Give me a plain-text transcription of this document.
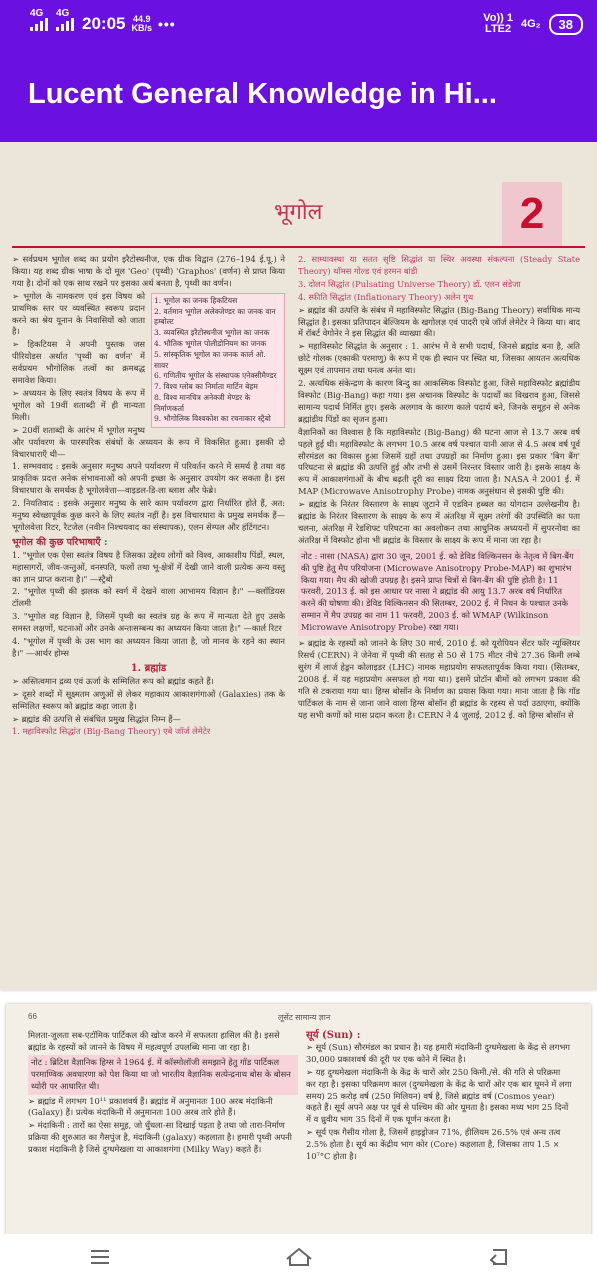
4G 4G
20:05 44.9
KB/s •••	Vo)) 1
LTE2 4G₂	38
Lucent General Knowledge in Hi...
भूगोल	2

➢ सर्वप्रथम भूगोल शब्द का प्रयोग इरैटोस्थनीज, एक ग्रीक विद्वान (276–194 ई.पू.) ने किया। यह शब्द ग्रीक भाषा के दो मूल 'Geo' (पृथ्वी) 'Graphos' (वर्णन) से प्राप्त किया गया है। दोनों को एक साथ रखने पर इसका अर्थ बनता है, पृथ्वी का वर्णन।

1. भूगोल का जनक हिकटियस
2. वर्तमान भूगोल अलेक्जेण्डर का जनक वान हम्बोल्ट
3. व्यवस्थित इरैटोस्थनीज भूगोल का जनक
4. भौतिक भूगोल पोलीडोनियम का जनक
5. सांस्कृतिक भूगोल का जनक कार्ल ओ. सावर
6. गणितीय भूगोल के संस्थापक एनेक्सीमैण्डर
7. विश्व ग्लोब का निर्माता मार्टिन बेहम
8. विश्व मानचित्र अनेक्जी मेण्डर के निर्माणकर्ता
9. भौगोलिक विश्वकोश का रचनाकार स्ट्रैबो

➢ भूगोल के नामकरण एवं इस विषय को प्राथमिक स्तर पर व्यवस्थित स्वरूप प्रदान करने का श्रेय यूनान के निवासियों को जाता है।

➢ हिकटियस ने अपनी पुस्तक जस पीरियोडस अर्थात 'पृथ्वी का वर्णन' में सर्वप्रथम भौगोलिक तत्वों का क्रमबद्ध समावेश किया।

➢ अध्ययन के लिए स्वतंत्र विषय के रूप में भूगोल को 19वीं शताब्दी में ही मान्यता मिली।

➢ 20वीं शताब्दी के आरंभ में भूगोल मनुष्य और पर्यावरण के पारस्परिक संबंधों के अध्ययन के रूप में विकसित हुआ। इसकी दो विचारधाराएँ थी—

1. सम्भववाद : इसके अनुसार मनुष्य अपने पर्यावरण में परिवर्तन करने में समर्थ है तथा वह प्राकृतिक प्रदत्त अनेक संभावनाओं को अपनी इच्छा के अनुसार उपयोग कर सकता है। इस विचारधारा के समर्थक है भूगोलवेत्ता—वाइडल-डि-ला ब्लाश और फेब्रे।

2. नियतिवाद : इसके अनुसार मनुष्य के सारे काम पर्यावरण द्वारा निर्धारित होते हैं, अत: मनुष्य स्वेच्छापूर्वक कुछ करने के लिए स्वतंत्र नहीं है। इस विचारधारा के प्रमुख समर्थक हैं—भूगोलवेत्ता रिटर, रैटजेल (नवीन निश्चयवाद का संस्थापक), एलन सेम्पल और हंटिंगटन।

भूगोल की कुछ परिभाषाएँ :

1. "भूगोल एक ऐसा स्वतंत्र विषय है जिसका उद्देश्य लोगों को विश्व, आकाशीय पिंडों, स्थल, महासागरों, जीव-जन्तुओं, वनस्पति, फलों तथा भू-क्षेत्रों में देखी जाने वाली प्रत्येक अन्य वस्तु का ज्ञान प्राप्त कराना है।" —स्ट्रैबो

2. "भूगोल पृथ्वी की झलक को स्वर्ग में देखने वाला आभामय विज्ञान है।" —क्लॉडियस टॉलमी

3. "भूगोल वह विज्ञान है, जिसमें पृथ्वी का स्वतंत्र ग्रह के रूप में मान्यता देते हुए उसके समस्त लक्षणों, घटनाओं और उनके अन्तःसम्बन्ध का अध्ययन किया जाता है।" —कार्ल रिटर

4. "भूगोल में पृथ्वी के उस भाग का अध्ययन किया जाता है, जो मानव के रहने का स्थान है।" —आर्थर होम्स

1. ब्रह्मांड

➢ अस्तित्वमान द्रव्य एवं ऊर्जा के सम्मिलित रूप को ब्रह्मांड कहते हैं।

➢ दूसरे शब्दों में सूक्ष्मतम अणुओं से लेकर महाकाय आकाशगंगाओं (Galaxies) तक के सम्मिलित स्वरूप को ब्रह्मांड कहा जाता है।

➢ ब्रह्मांड की उत्पत्ति से संबंधित प्रमुख सिद्धांत निम्न हैं—

1. महाविस्फोट सिद्धांत (Big-Bang Theory) एबे जॉर्ज लेमेटेर

2. साम्यावस्था या सतत सृष्टि सिद्धांत या स्थिर अवस्था संकल्पना (Steady State Theory) थॉमस गोल्ड एवं हरमन बांडी

3. दोलन सिद्धांत (Pulsating Universe Theory) डॉ. एलन संडेजा

4. स्फीति सिद्धांत (Inflationary Theory) अलेन गुथ

➢ ब्रह्मांड की उत्पत्ति के संबंध में महाविस्फोट सिद्धांत (Big-Bang Theory) सर्वाधिक मान्य सिद्धांत है। इसका प्रतिपादन बेल्जियम के खगोलज्ञ एवं पादरी एबे जॉर्ज लेमेटेर ने किया था। बाद में रॉबर्ट वेगोनेर ने इस सिद्धांत की व्याख्या की।

➢ महाविस्फोट सिद्धांत के अनुसार : 1. आरंभ में वे सभी पदार्थ, जिनसे ब्रह्मांड बना है, अति छोटे गोलक (एकाकी परमाणु) के रूप में एक ही स्थान पर स्थित था, जिसका आयतन अत्यधिक सूक्ष्म एवं तापमान तथा घनत्व अनंत था।

2. अत्यधिक संकेन्द्रण के कारण बिन्दु का आकस्मिक विस्फोट हुआ, जिसे महाविस्फोट ब्रह्मांडीय विस्फोट (Big-Bang) कहा गया। इस अचानक विस्फोट के पदार्थों का विखराव हुआ, जिससे सामान्य पदार्थ निर्मित हुए। इसके अलगाव के कारण काले पदार्थ बने, जिनके समूहन से अनेक ब्रह्मांडीय पिंडों का सृजन हुआ।

वैज्ञानिकों का विश्वास है कि महाविस्फोट (Big-Bang) की घटना आज से 13.7 अरब वर्ष पहले हुई थी। महाविस्फोट के लगभग 10.5 अरब वर्ष पश्चात यानी आज से 4.5 अरब वर्ष पूर्व सौरमंडल का विकास हुआ जिसमें ग्रहों तथा उपग्रहों का निर्माण हुआ। इस प्रकार 'बिग बैंग' परिघटना से ब्रह्मांड की उत्पत्ति हुई और तभी से उसमें निरन्तर विस्तार जारी है। इसके साक्ष्य के रूप में आकाशगंगाओं के बीच बढ़ती दूरी का साक्ष्य दिया जाता है। NASA ने 2001 ई. में MAP (Microwave Anisotrophy Probe) नामक अनुसंधान से इसकी पुष्टि की।

➢ ब्रह्मांड के निरंतर विस्तारण के साक्ष्य जुटाने में एडविन हब्बल का योगदान उल्लेखनीय है। ब्रह्मांड के निरंतर विस्तारण के साक्ष्य के रूप में अंतरिक्ष में सूक्ष्म तरंगों की उपस्थिति का पता चलना, अंतरिक्ष में रेडशिफ्ट परिघटना का अवलोकन तथा आधुनिक अध्ययनों में सुपरनोवा का अंतरिक्ष में विस्फोट होना भी ब्रह्मांड के विस्तार के साक्ष्य के रूप में माना जा रहा है।

नोट : नासा (NASA) द्वारा 30 जून, 2001 ई. को डेविड विल्किनसन के नेतृत्व में बिग-बैंग की पुष्टि हेतु मैप परियोजना (Microwave Anisotropy Probe-MAP) का शुभारंभ किया गया। मैप की खोजी उपग्रह है। इसने प्राप्त चित्रों से बिग-बैंग की पुष्टि होती है। 11 फरवरी, 2013 ई. को इस आधार पर नासा ने ब्रह्मांड की आयु 13.7 अरब वर्ष निर्धारित करने की घोषणा की। डेविड विल्किनसन की सितम्बर, 2002 ई. में निधन के पश्चात उनके सम्मान में मैप उपग्रह का नाम 11 फरवरी, 2003 ई. को WMAP (Wilkinson Microwave Anisotropy Probe) रखा गया।

➢ ब्रह्मांड के रहस्यों को जानने के लिए 30 मार्च, 2010 ई. को यूरोपियन सेंटर फॉर न्यूक्लियर रिसर्च (CERN) ने जेनेवा में पृथ्वी की सतह से 50 से 175 मीटर नीचे 27.36 किमी लम्बे सुरंग में लार्ज हेड्रन कोलाइडर (LHC) नामक महाप्रयोग सफलतापूर्वक किया गया। (सितम्बर, 2008 ई. में यह महाप्रयोग असफल हो गया था।) इसमें प्रोटॉन बीमों को लगभग प्रकाश की गति से टकराया गया था। हिग्स बोसॉन के निर्माण का प्रयास किया गया। माना जाता है कि गॉड पार्टिकल के नाम से जाना जाने वाला हिग्स बोसॉन ही ब्रह्मांड के रहस्य से पर्दा उठाएगा, क्योंकि यह सभी कणों को मास प्रदान करता है। CERN ने 4 जुलाई, 2012 ई. को हिग्स बोसॉन से

66	लूसेंट सामान्य ज्ञान

मिलता-जुलता सब-एटॉमिक पार्टिकल की खोज करने में सफलता हासिल की है। इससे ब्रह्मांड के रहस्यों को जानने के विषय में महत्वपूर्ण उपलब्धि माना जा रहा है।

नोट : ब्रिटिश वैज्ञानिक हिग्स ने 1964 ई. में कॉस्मोलॉजी समझाने हेतु गॉड पार्टिकल परमाण्विक अवधारणा को पेश किया था जो भारतीय वैज्ञानिक सत्येन्द्रनाथ बोस के बोसन थ्योरी पर आधारित थी।

➢ ब्रह्मांड में लगभग 10¹¹ प्रकाशवर्ष हैं। ब्रह्मांड में अनुमानतः 100 अरब मंदाकिनी (Galaxy) हैं। प्रत्येक मंदाकिनी में अनुमानतः 100 अरब तारे होते हैं।

➢ मंदाकिनी : तारों का ऐसा समूह, जो धुँधला-सा दिखाई पड़ता है तथा जो तारा-निर्माण प्रक्रिया की शुरुआत का गैसपुंज है, मंदाकिनी (galaxy) कहलाता है। हमारी पृथ्वी अपनी प्रकाश मंदाकिनी है जिसे दुग्धमेखला या आकाशगंगा (Milky Way) कहते हैं।

सूर्य (Sun) :

➢ सूर्य (Sun) सौरमंडल का प्रधान है। यह हमारी मंदाकिनी दुग्धमेखला के केंद्र से लगभग 30,000 प्रकाशवर्ष की दूरी पर एक कोने में स्थित है।

➢ यह दुग्धमेखला मंदाकिनी के केंद्र के चारों ओर 250 किमी./से. की गति से परिक्रमा कर रहा है। इसका परिक्रमण काल (दुग्धमेखला के केंद्र के चारों ओर एक बार घूमने में लगा समय) 25 करोड़ वर्ष (250 मिलियन) वर्ष है, जिसे ब्रह्मांड वर्ष (Cosmos year) कहते हैं। सूर्य अपने अक्ष पर पूर्व से पश्चिम की ओर घूमता है। इसका मध्य भाग 25 दिनों में व ध्रुवीय भाग 35 दिनों में एक घूर्णन करता है।

➢ सूर्य एक गैसीय गोला है, जिसमें हाइड्रोजन 71%, हीलियम 26.5% एवं अन्य तत्व 2.5% होता है। सूर्य का केंद्रीय भाग कोर (Core) कहलाता है, जिसका ताप 1.5 × 10⁷°C होता है।
